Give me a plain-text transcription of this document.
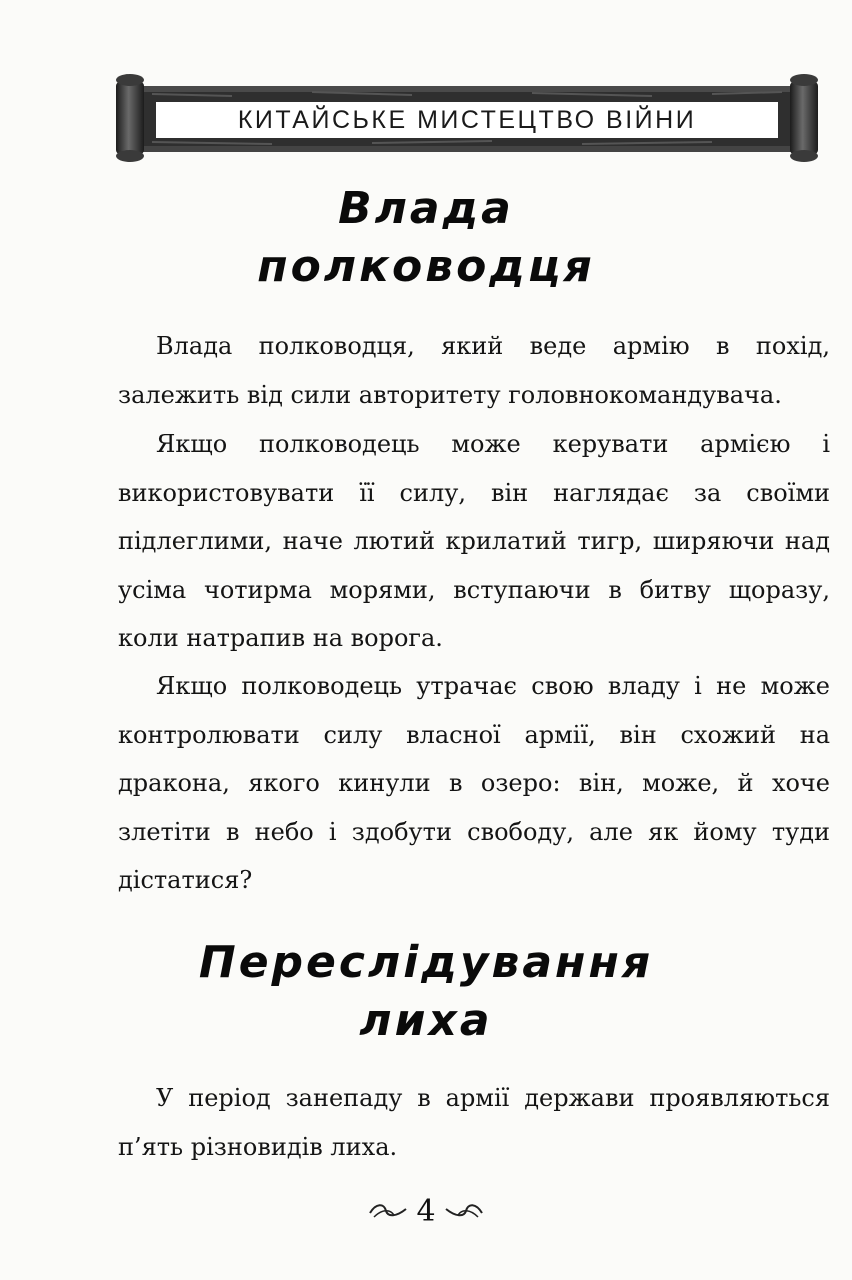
КИТАЙСЬКЕ МИСТЕЦТВО ВІЙНИ
Влада
полководця

Влада полководця, який веде армію в похід, залежить від сили авторитету головнокомандувача.

Якщо полководець може керувати армією і використовувати її силу, він наглядає за своїми підлеглими, наче лютий крилатий тигр, ширяючи над усіма чотирма морями, вступаючи в битву щоразу, коли натрапив на ворога.

Якщо полководець утрачає свою владу і не може контролювати силу власної армії, він схожий на дракона, якого кинули в озеро: він, може, й хоче злетіти в небо і здобути свободу, але як йому туди дістатися?

Переслідування
лиха

У період занепаду в армії держави проявляються п’ять різновидів лиха.

4
